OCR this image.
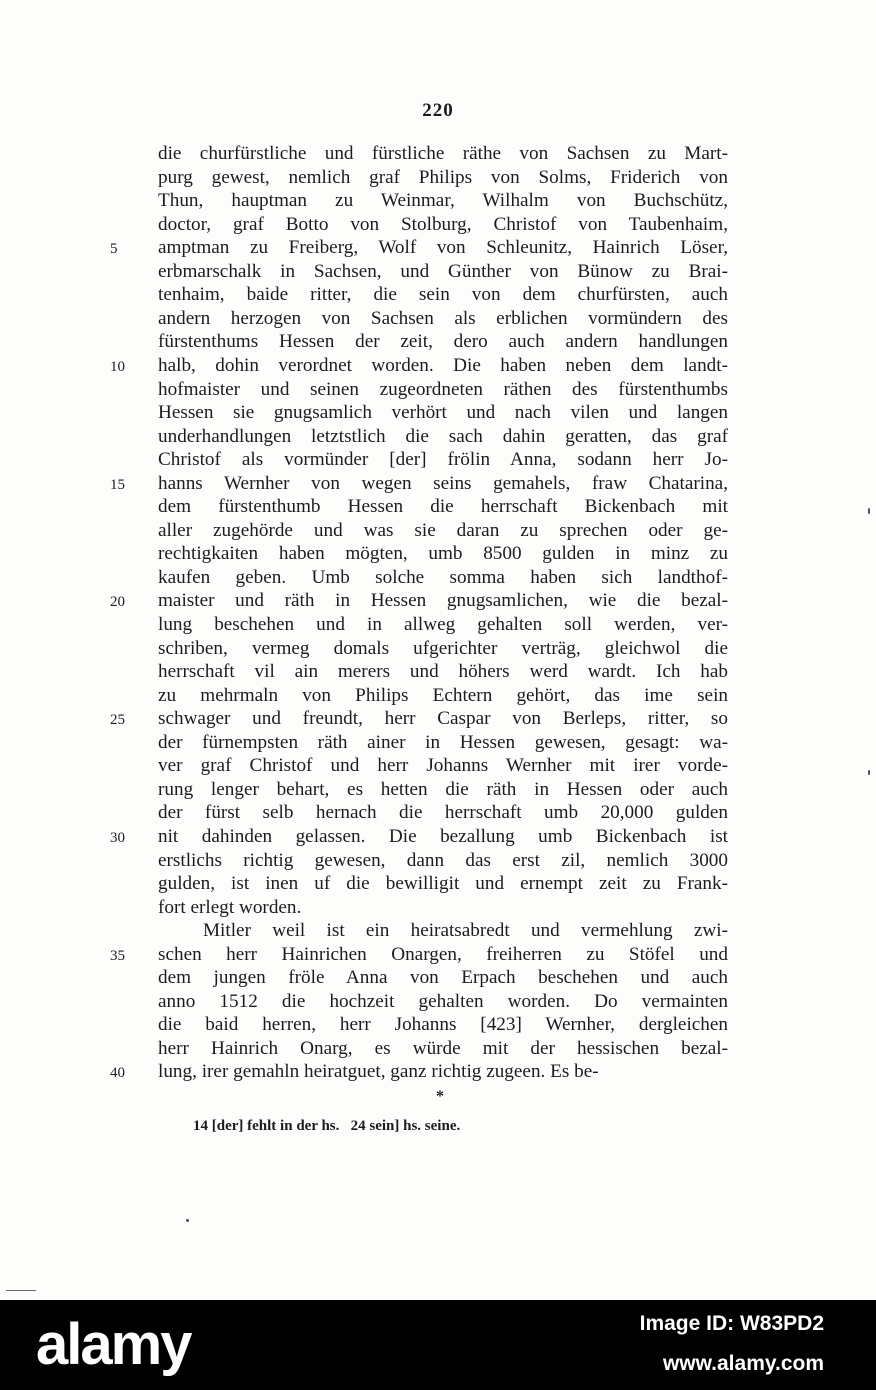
220
die churfürstliche und fürstliche räthe von Sachsen zu Mart-
purg gewest, nemlich graf Philips von Solms, Friderich von
Thun, hauptman zu Weinmar, Wilhalm von Buchschütz,
doctor, graf Botto von Stolburg, Christof von Taubenhaim,
amptman zu Freiberg, Wolf von Schleunitz, Hainrich Löser,
5
erbmarschalk in Sachsen, und Günther von Bünow zu Brai-
tenhaim, baide ritter, die sein von dem churfürsten, auch
andern herzogen von Sachsen als erblichen vormündern des
fürstenthums Hessen der zeit, dero auch andern handlungen
halb, dohin verordnet worden. Die haben neben dem landt-
10
hofmaister und seinen zugeordneten räthen des fürstenthumbs
Hessen sie gnugsamlich verhört und nach vilen und langen
underhandlungen letztstlich die sach dahin geratten, das graf
Christof als vormünder [der] frölin Anna, sodann herr Jo-
hanns Wernher von wegen seins gemahels, fraw Chatarina,
15
dem fürstenthumb Hessen die herrschaft Bickenbach mit
aller zugehörde und was sie daran zu sprechen oder ge-
rechtigkaiten haben mögten, umb 8500 gulden in minz zu
kaufen geben. Umb solche somma haben sich landthof-
maister und räth in Hessen gnugsamlichen, wie die bezal-
20
lung beschehen und in allweg gehalten soll werden, ver-
schriben, vermeg domals ufgerichter verträg, gleichwol die
herrschaft vil ain merers und höhers werd wardt. Ich hab
zu mehrmaln von Philips Echtern gehört, das ime sein
schwager und freundt, herr Caspar von Berleps, ritter, so
25
der fürnempsten räth ainer in Hessen gewesen, gesagt: wa-
ver graf Christof und herr Johanns Wernher mit irer vorde-
rung lenger behart, es hetten die räth in Hessen oder auch
der fürst selb hernach die herrschaft umb 20,000 gulden
nit dahinden gelassen. Die bezallung umb Bickenbach ist
30
erstlichs richtig gewesen, dann das erst zil, nemlich 3000
gulden, ist inen uf die bewilligit und ernempt zeit zu Frank-
fort erlegt worden.
Mitler weil ist ein heiratsabredt und vermehlung zwi-
schen herr Hainrichen Onargen, freiherren zu Stöfel und
35
dem jungen fröle Anna von Erpach beschehen und auch
anno 1512 die hochzeit gehalten worden. Do vermainten
die baid herren, herr Johanns [423] Wernher, dergleichen
herr Hainrich Onarg, es würde mit der hessischen bezal-
lung, irer gemahln heiratguet, ganz richtig zugeen. Es be-
40
*
14 [der] fehlt in der hs.   24 sein] hs. seine.
alamy	Image ID: W83PD2
www.alamy.com
